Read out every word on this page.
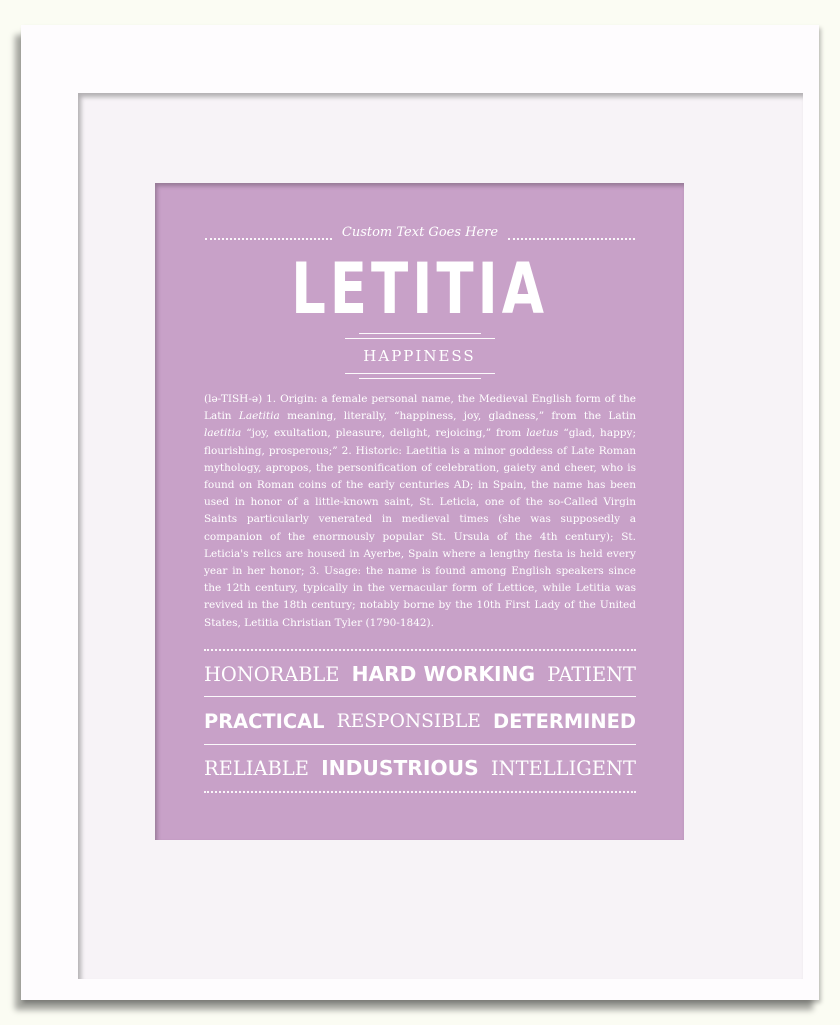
Custom Text Goes Here
LETITIA
HAPPINESS
(lə-TISH-ə) 1. Origin: a female personal name, the Medieval English form of the Latin Laetitia meaning, literally, “happiness, joy, gladness,” from the Latin laetitia “joy, exultation, pleasure, delight, rejoicing,” from laetus “glad, happy; flourishing, prosperous;” 2. Historic: Laetitia is a minor goddess of Late Roman mythology, apropos, the personification of celebration, gaiety and cheer, who is found on Roman coins of the early centuries AD; in Spain, the name has been used in honor of a little-known saint, St. Leticia, one of the so-Called Virgin Saints particularly venerated in medieval times (she was supposedly a companion of the enormously popular St. Ursula of the 4th century); St. Leticia's relics are housed in Ayerbe, Spain where a lengthy fiesta is held every year in her honor; 3. Usage: the name is found among English speakers since the 12th century, typically in the vernacular form of Lettice, while Letitia was revived in the 18th century; notably borne by the 10th First Lady of the United States, Letitia Christian Tyler (1790-1842).
HONORABLE HARD WORKING PATIENT
PRACTICAL RESPONSIBLE DETERMINED
RELIABLE INDUSTRIOUS INTELLIGENT
